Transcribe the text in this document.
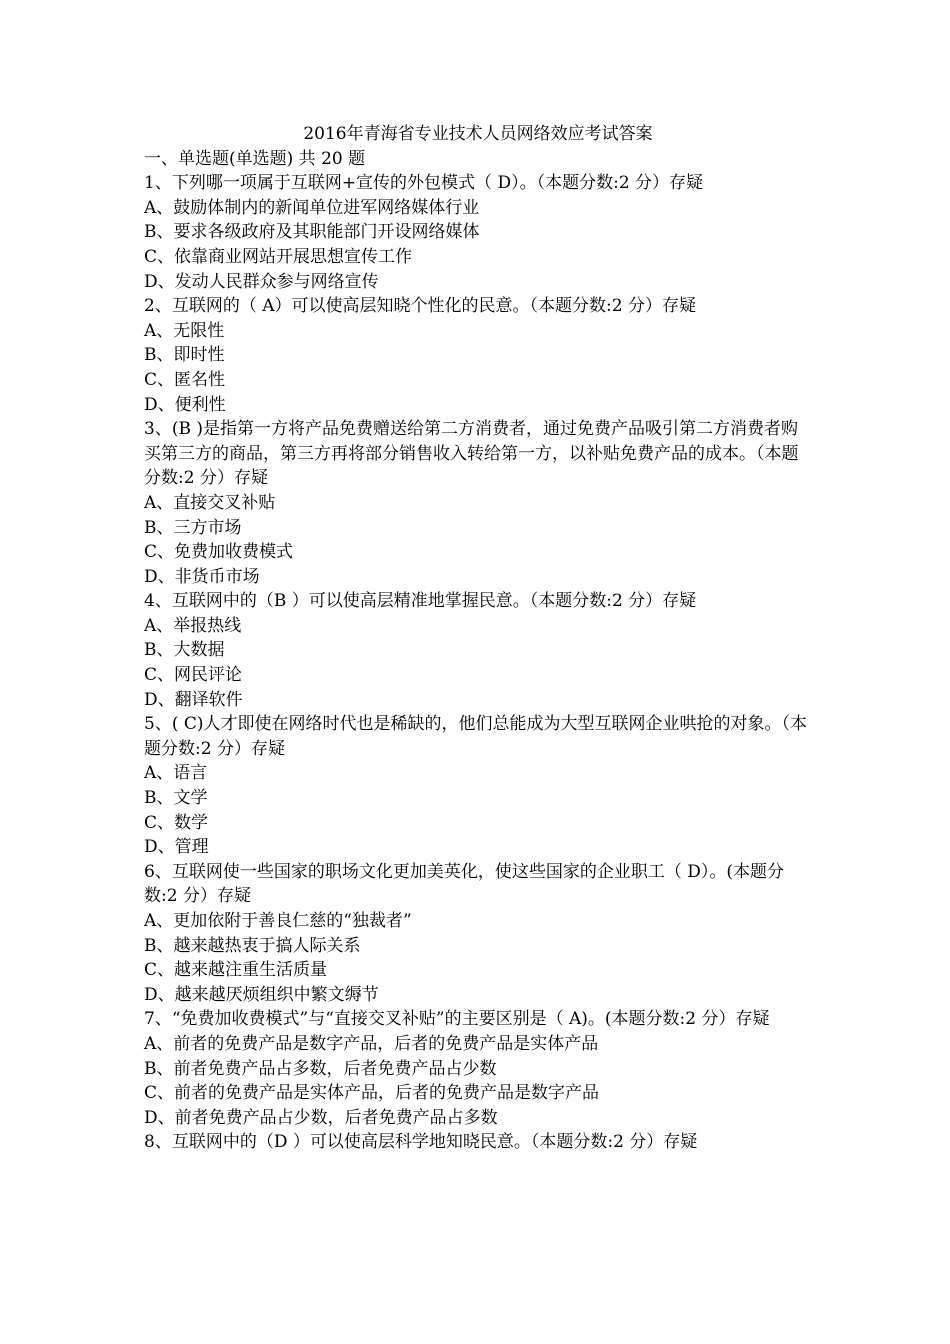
2016年青海省专业技术人员网络效应考试答案

一、单选题(单选题) 共 20 题

1、下列哪一项属于互联网+宣传的外包模式（ D）。（本题分数:2 分）存疑

A、鼓励体制内的新闻单位进军网络媒体行业

B、要求各级政府及其职能部门开设网络媒体

C、依靠商业网站开展思想宣传工作

D、发动人民群众参与网络宣传

2、互联网的（ A）可以使高层知晓个性化的民意。（本题分数:2 分）存疑

A、无限性

B、即时性

C、匿名性

D、便利性

3、(B )是指第一方将产品免费赠送给第二方消费者，通过免费产品吸引第二方消费者购买第三方的商品，第三方再将部分销售收入转给第一方，以补贴免费产品的成本。（本题分数:2 分）存疑

A、直接交叉补贴

B、三方市场

C、免费加收费模式

D、非货币市场

4、互联网中的（B ）可以使高层精准地掌握民意。（本题分数:2 分）存疑

A、举报热线

B、大数据

C、网民评论

D、翻译软件

5、( C)人才即使在网络时代也是稀缺的，他们总能成为大型互联网企业哄抢的对象。（本题分数:2 分）存疑

A、语言

B、文学

C、数学

D、管理

6、互联网使一些国家的职场文化更加美英化，使这些国家的企业职工（ D）。(本题分数:2 分）存疑

A、更加依附于善良仁慈的“独裁者”

B、越来越热衷于搞人际关系

C、越来越注重生活质量

D、越来越厌烦组织中繁文缛节

7、“免费加收费模式”与“直接交叉补贴”的主要区别是（ A)。(本题分数:2 分）存疑

A、前者的免费产品是数字产品，后者的免费产品是实体产品

B、前者免费产品占多数，后者免费产品占少数

C、前者的免费产品是实体产品，后者的免费产品是数字产品

D、前者免费产品占少数，后者免费产品占多数

8、互联网中的（D ）可以使高层科学地知晓民意。（本题分数:2 分）存疑
